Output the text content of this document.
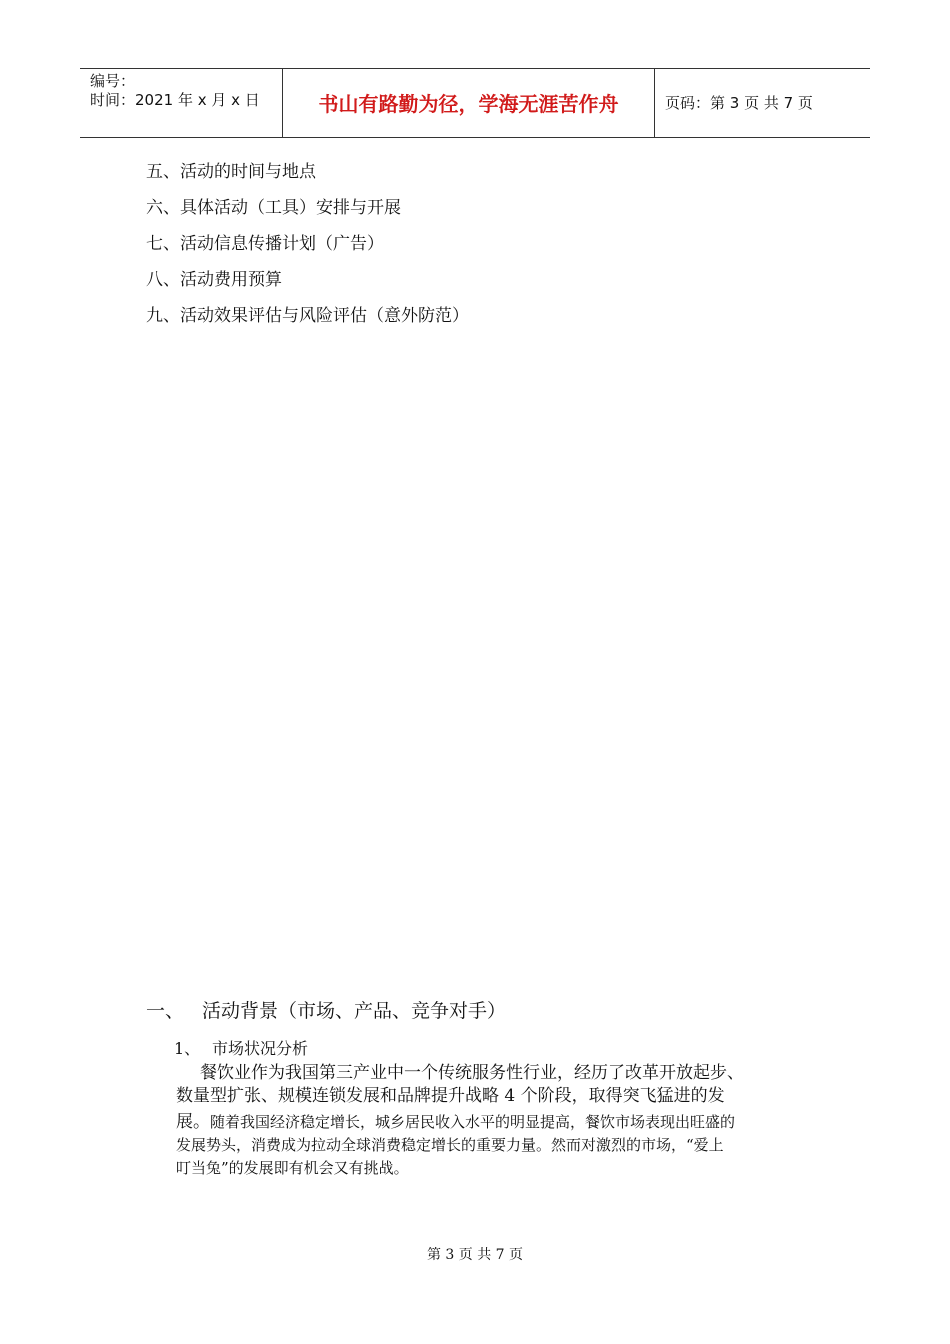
编号：
时间：2021 年 x 月 x 日	书山有路勤为径，学海无涯苦作舟	页码：第 3 页 共 7 页
五、活动的时间与地点
六、具体活动（工具）安排与开展
七、活动信息传播计划（广告）
八、活动费用预算
九、活动效果评估与风险评估（意外防范）
一、 活动背景（市场、产品、竞争对手）
1、 市场状况分析
餐饮业作为我国第三产业中一个传统服务性行业，经历了改革开放起步、
数量型扩张、规模连锁发展和品牌提升战略 4 个阶段，取得突飞猛进的发
展。随着我国经济稳定增长，城乡居民收入水平的明显提高，餐饮市场表现出旺盛的
发展势头，消费成为拉动全球消费稳定增长的重要力量。然而对激烈的市场，“爱上
叮当兔”的发展即有机会又有挑战。
第 3 页 共 7 页
